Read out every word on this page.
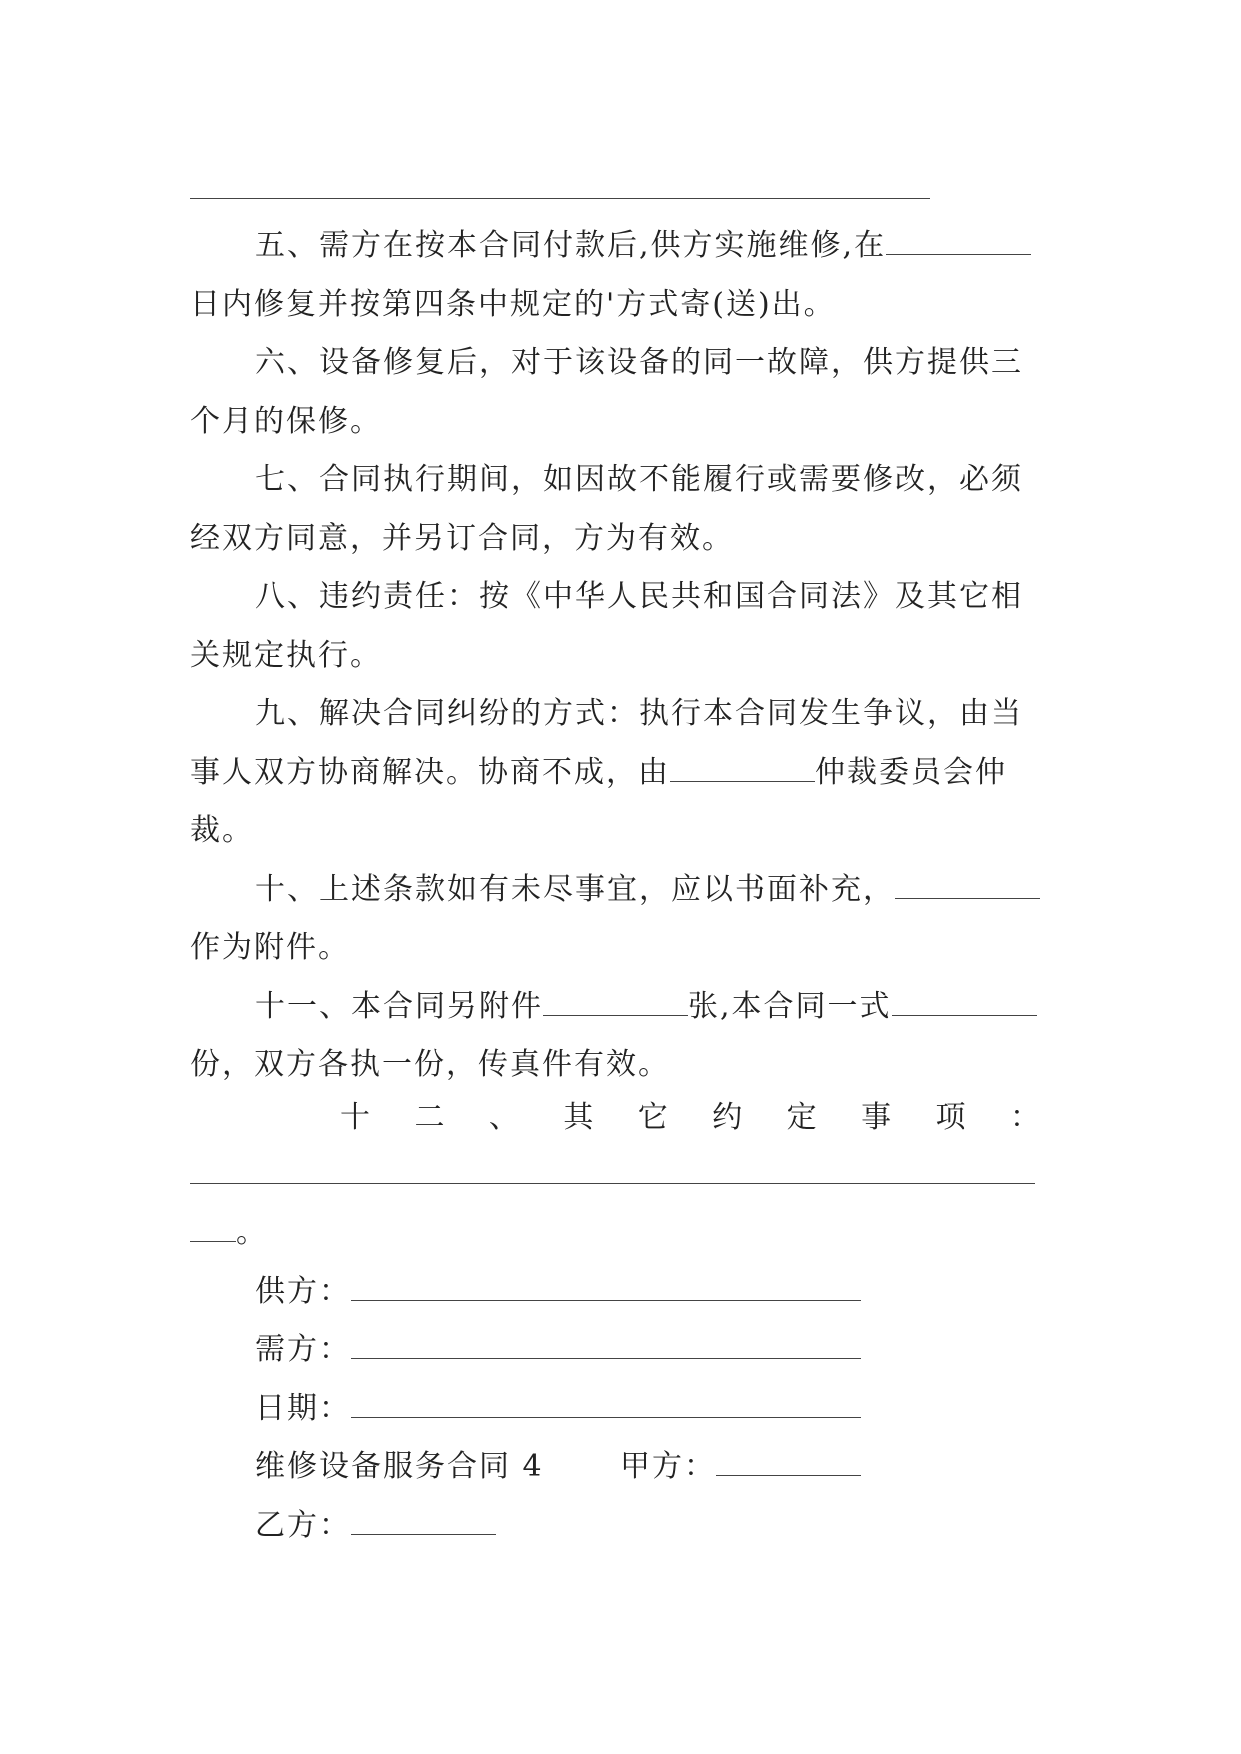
五、需方在按本合同付款后,供方实施维修,在
日内修复并按第四条中规定的'方式寄(送)出。
六、设备修复后，对于该设备的同一故障，供方提供三
个月的保修。
七、合同执行期间，如因故不能履行或需要修改，必须
经双方同意，并另订合同，方为有效。
八、违约责任：按《中华人民共和国合同法》及其它相
关规定执行。
九、解决合同纠纷的方式：执行本合同发生争议，由当
事人双方协商解决。协商不成，由	仲裁委员会仲
裁。
十、上述条款如有未尽事宜，应以书面补充，
作为附件。
十一、本合同另附件	张,本合同一式
份，双方各执一份，传真件有效。
十 二 、 其 它 约 定 事 项 ：
。
供方：
需方：
日期：
维修设备服务合同 4	甲方：
乙方：
